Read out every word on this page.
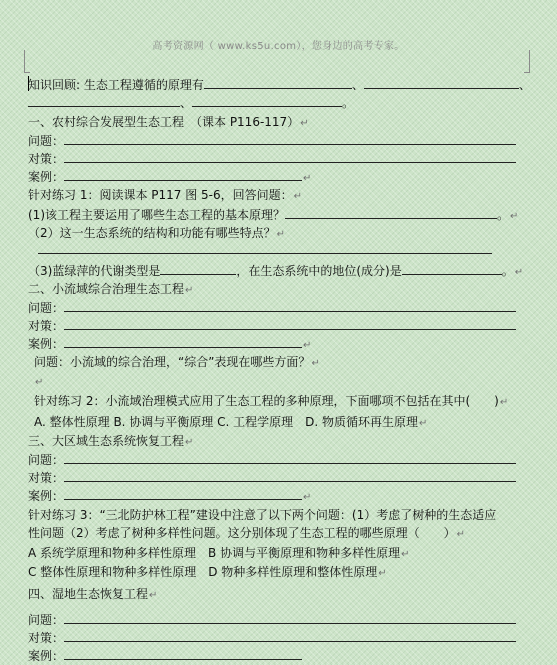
高考资源网（ www.ks5u.com），您身边的高考专家。
知识回顾: 生态工程遵循的原理有	、	、
、	。
一、农村综合发展型生态工程　（课本 P116-117）↵
问题：
对策：
案例：	↵
针对练习 1：阅读课本 P117 图 5-6，回答问题：↵
(1)该工程主要运用了哪些生态工程的基本原理？	。↵
（2）这一生态系统的结构和功能有哪些特点？↵
（3)蓝绿萍的代谢类型是	，在生态系统中的地位(成分)是	。↵
二、小流域综合治理生态工程↵
问题：
对策：
案例：	↵
问题：小流域的综合治理，“综合”表现在哪些方面？↵
↵
针对练习 2：小流域治理模式应用了生态工程的多种原理，下面哪项不包括在其中(　　)↵
A. 整体性原理 B. 协调与平衡原理 C. 工程学原理　D. 物质循环再生原理↵
三、大区域生态系统恢复工程↵
问题：
对策：
案例：	↵
针对练习 3：“三北防护林工程”建设中注意了以下两个问题：(1）考虑了树种的生态适应
性问题（2）考虑了树种多样性问题。这分别体现了生态工程的哪些原理（　　）↵
A 系统学原理和物种多样性原理　B 协调与平衡原理和物种多样性原理↵
C 整体性原理和物种多样性原理　D 物种多样性原理和整体性原理↵
四、湿地生态恢复工程↵
问题：
对策：
案例：
